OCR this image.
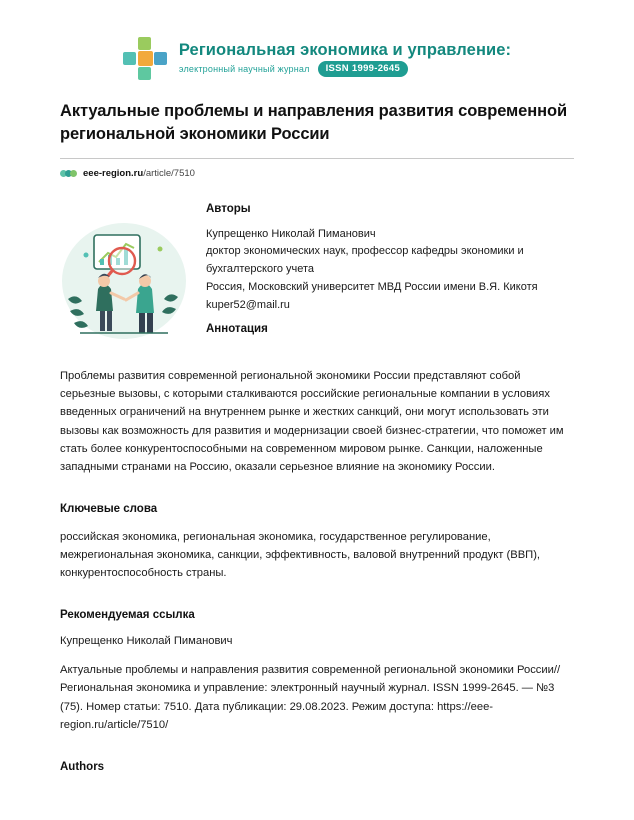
Региональная экономика и управление:
электронный научный журнал	ISSN 1999-2645
Актуальные проблемы и направления развития современной региональной экономики России
eee-region.ru/article/7510
Авторы
Купрещенко Николай Пиманович
доктор экономических наук, профессор кафедры экономики и бухгалтерского учета
Россия, Московский университет МВД России имени В.Я. Кикотя
kuper52@mail.ru
Аннотация

Проблемы развития современной региональной экономики России представляют собой серьезные вызовы, с которыми сталкиваются российские региональные компании в условиях введенных ограничений на внутреннем рынке и жестких санкций, они могут использовать эти вызовы как возможность для развития и модернизации своей бизнес-стратегии, что поможет им стать более конкурентоспособными на современном мировом рынке. Санкции, наложенные западными странами на Россию, оказали серьезное влияние на экономику России.

Ключевые слова

российская экономика, региональная экономика, государственное регулирование, межрегиональная экономика, санкции, эффективность, валовой внутренний продукт (ВВП), конкурентоспособность страны.

Рекомендуемая ссылка

Купрещенко Николай Пиманович

Актуальные проблемы и направления развития современной региональной экономики России// Региональная экономика и управление: электронный научный журнал. ISSN 1999-2645. — №3 (75). Номер статьи: 7510. Дата публикации: 29.08.2023. Режим доступа: https://eee-region.ru/article/7510/

Authors
